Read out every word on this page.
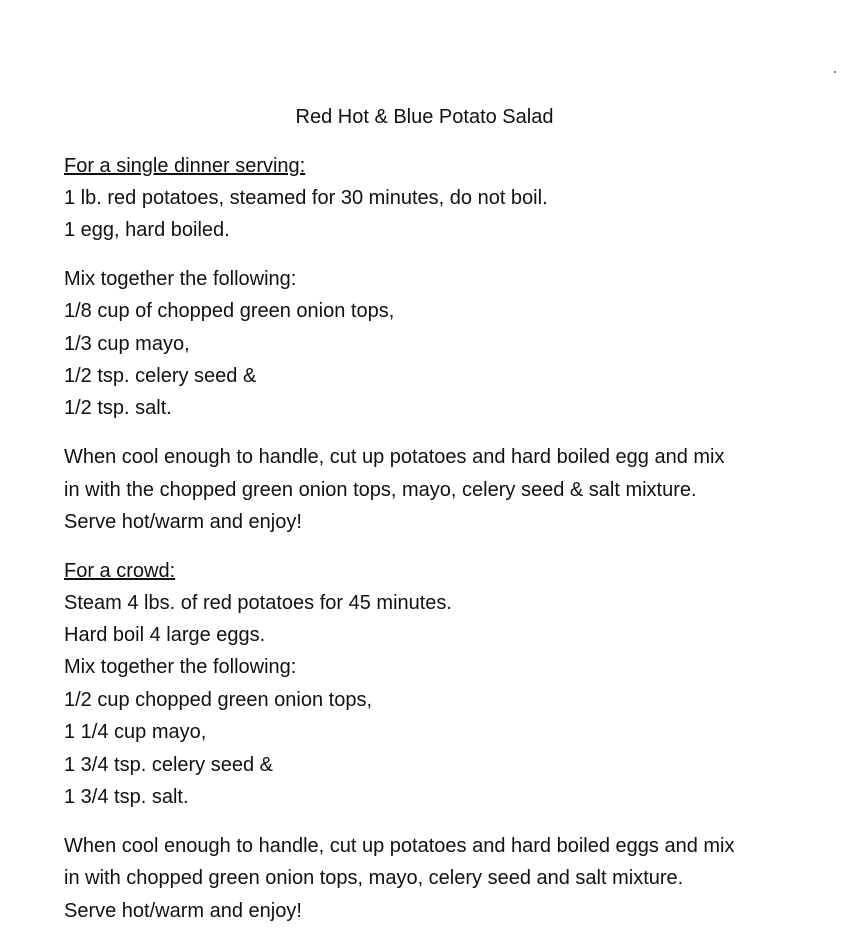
Red Hot & Blue Potato Salad

For a single dinner serving:

1 lb. red potatoes, steamed for 30 minutes, do not boil.

1 egg, hard boiled.

Mix together the following:

1/8 cup of chopped green onion tops,

1/3 cup mayo,

1/2 tsp. celery seed &

1/2 tsp. salt.

When cool enough to handle, cut up potatoes and hard boiled egg and mix

in with the chopped green onion tops, mayo, celery seed & salt mixture.

Serve hot/warm and enjoy!

For a crowd:

Steam 4 lbs. of red potatoes for 45 minutes.

Hard boil 4 large eggs.

Mix together the following:

1/2 cup chopped green onion tops,

1 1/4 cup mayo,

1 3/4 tsp. celery seed &

1 3/4 tsp. salt.

When cool enough to handle, cut up potatoes and hard boiled eggs and mix

in with chopped green onion tops, mayo, celery seed and salt mixture.

Serve hot/warm and enjoy!
